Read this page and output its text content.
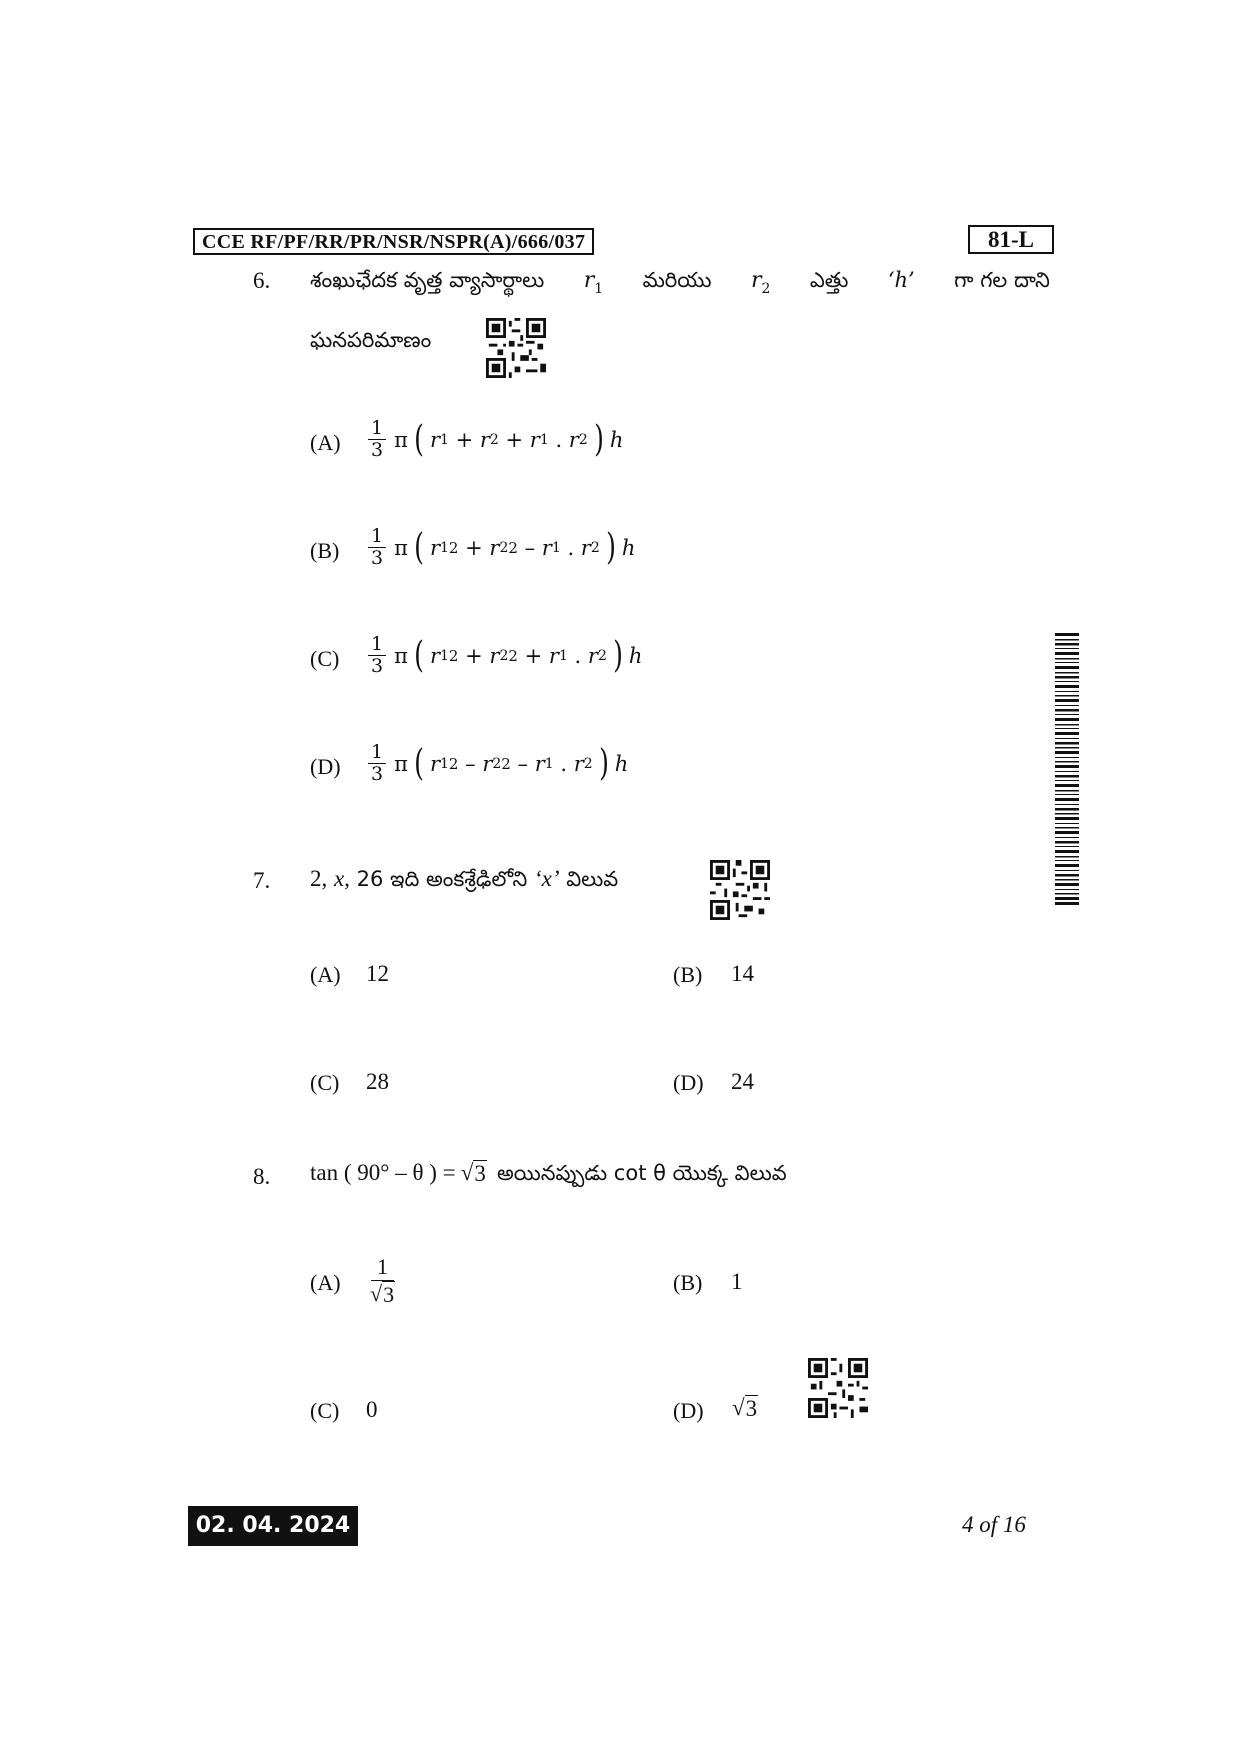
CCE RF/PF/RR/PR/NSR/NSPR(A)/666/037	81-L
6. శంఖుఛేదక వృత్త వ్యాసార్థాలు $r_1$ మరియు $r_2$ ఎత్తు ‘h’ గా గల దాని
ఘనపరిమాణం
$(A) \frac{1}{3}$ π ( r 1 + r 2 + r 1 . r 2 ) h
$(B) \frac{1}{3}$ π ( r 1 2 + r 2 2 – r 1 . r 2 ) h
$(C) \frac{1}{3}$ π ( r 1 2 + r 2 2 + r 1 . r 2 ) h
$(D) \frac{1}{3}$ π ( r 1 2 – r 2 2 – r 1 . r 2 ) h
7. 2,
x,
26 ఇది అంకశ్రేఢిలోని
‘x’
విలువ
(A) 12	(B) 14
(C) 28	(D) 24
8. tan ( 90° – θ ) =
√ 3
అయినప్పుడు cot θ యొక్క విలువ
(A)
1
√ 3	(B) 1
(C) 0	(D) √ 3
02. 04. 2024	4 of 16
